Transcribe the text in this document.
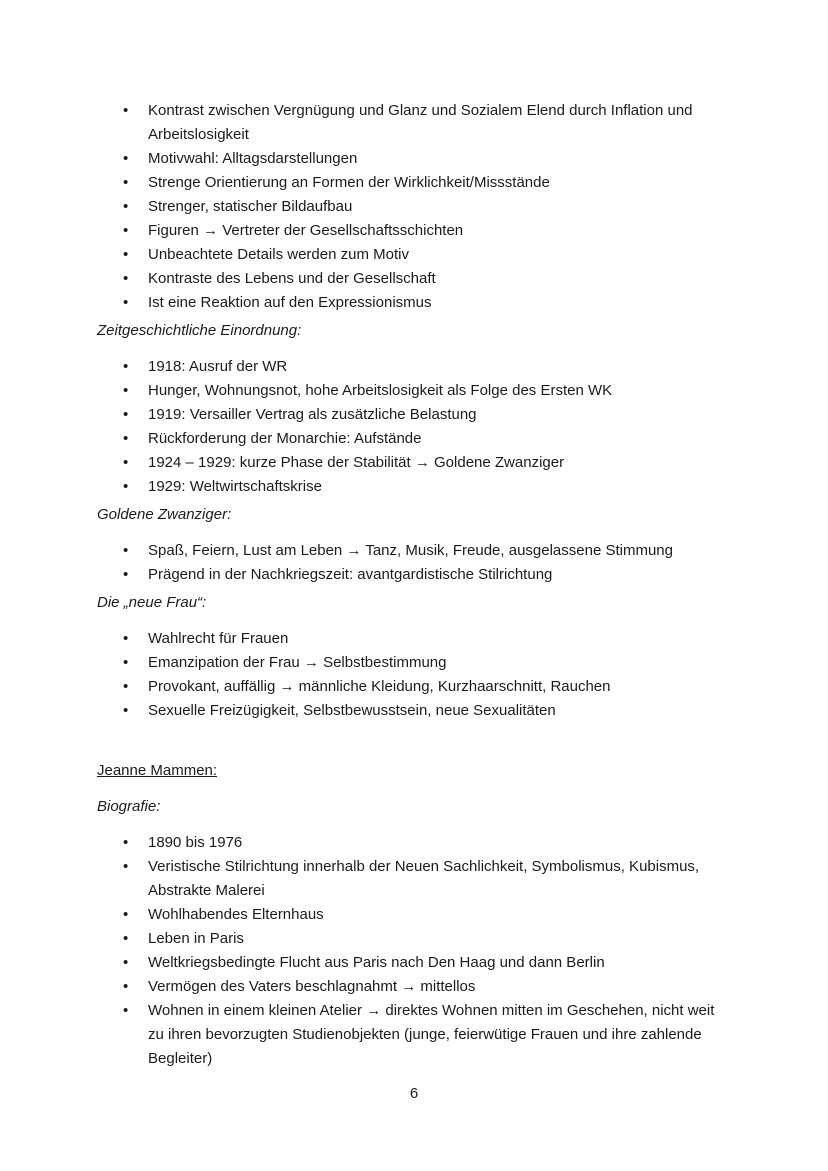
• Kontrast zwischen Vergnügung und Glanz und Sozialem Elend durch Inflation und Arbeitslosigkeit
• Motivwahl: Alltagsdarstellungen
• Strenge Orientierung an Formen der Wirklichkeit/Missstände
• Strenger, statischer Bildaufbau
• Figuren → Vertreter der Gesellschaftsschichten
• Unbeachtete Details werden zum Motiv
• Kontraste des Lebens und der Gesellschaft
• Ist eine Reaktion auf den Expressionismus

Zeitgeschichtliche Einordnung:

• 1918: Ausruf der WR
• Hunger, Wohnungsnot, hohe Arbeitslosigkeit als Folge des Ersten WK
• 1919: Versailler Vertrag als zusätzliche Belastung
• Rückforderung der Monarchie: Aufstände
• 1924 – 1929: kurze Phase der Stabilität → Goldene Zwanziger
• 1929: Weltwirtschaftskrise

Goldene Zwanziger:

• Spaß, Feiern, Lust am Leben → Tanz, Musik, Freude, ausgelassene Stimmung
• Prägend in der Nachkriegszeit: avantgardistische Stilrichtung

Die „neue Frau“:

• Wahlrecht für Frauen
• Emanzipation der Frau → Selbstbestimmung
• Provokant, auffällig → männliche Kleidung, Kurzhaarschnitt, Rauchen
• Sexuelle Freizügigkeit, Selbstbewusstsein, neue Sexualitäten

Jeanne Mammen:

Biografie:

• 1890 bis 1976
• Veristische Stilrichtung innerhalb der Neuen Sachlichkeit, Symbolismus, Kubismus, Abstrakte Malerei
• Wohlhabendes Elternhaus
• Leben in Paris
• Weltkriegsbedingte Flucht aus Paris nach Den Haag und dann Berlin
• Vermögen des Vaters beschlagnahmt → mittellos
• Wohnen in einem kleinen Atelier → direktes Wohnen mitten im Geschehen, nicht weit zu ihren bevorzugten Studienobjekten (junge, feierwütige Frauen und ihre zahlende Begleiter)
6
